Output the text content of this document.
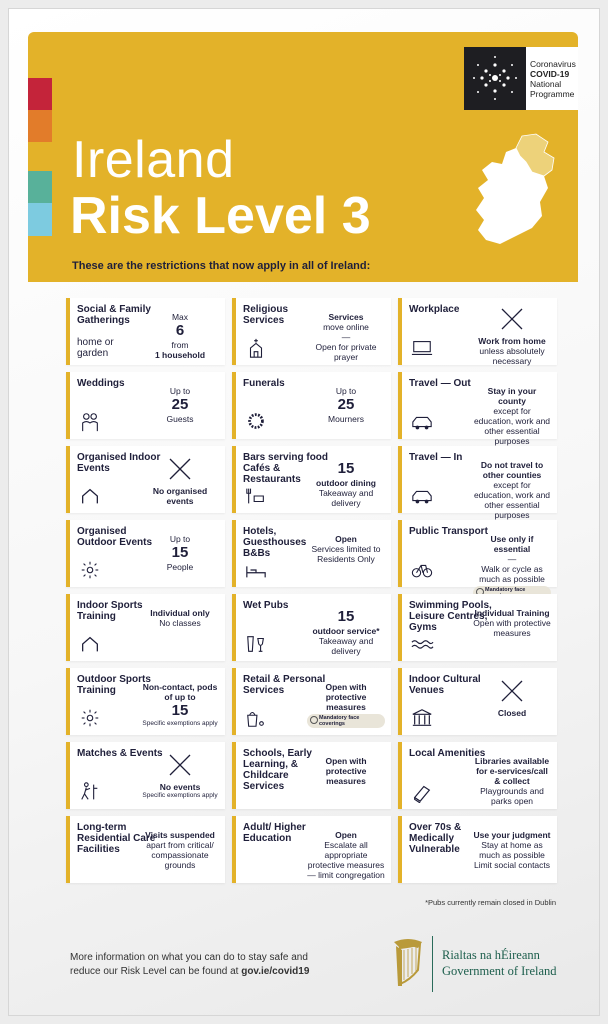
Coronavirus
COVID-19
National
Programme
Ireland
Risk Level 3
These are the restrictions that now apply in all of Ireland:
Social & Family Gatherings
home or garden
Max
6
from
1 household
Religious Services	Services
move online
—
Open for private prayer
Workplace
Work from home
unless absolutely necessary
Weddings
Up to
25
Guests
Funerals
Up to
25
Mourners
Travel — Out
Stay in your county
except for education, work and other essential purposes
Organised Indoor Events
No organised events
Bars serving food Cafés & Restaurants
15
outdoor dining
Takeaway and delivery
Travel — In
Do not travel to other counties
except for education, work and other essential purposes
Organised Outdoor Events	Up to
15
People
Hotels, Guesthouses B&Bs
Open
Services limited to Residents Only
Public Transport
Use only if essential
—
Walk or cycle as much as possible
Mandatory face
Indoor Sports Training	Individual only
No classes
Wet Pubs
15
outdoor service*
Takeaway and delivery
Swimming Pools, Leisure Centres, Gyms
Individual Training
Open with protective measures
Outdoor Sports Training	Non-contact, pods of up to
15
Specific exemptions apply
Retail & Personal Services	Open with protective measures
Mandatory face coverings
Indoor Cultural Venues
Closed
Matches & Events
No events
Specific exemptions apply
Schools, Early Learning, & Childcare Services
Open with protective measures
Local Amenities
Libraries available for e-services/call & collect
Playgrounds and parks open
Long-term Residential Care Facilities
Visits suspended
apart from critical/ compassionate grounds
Adult/ Higher Education	Open
Escalate all appropriate protective measures — limit congregation
Over 70s & Medically Vulnerable
Use your judgment
Stay at home as much as possible
Limit social contacts
*Pubs currently remain closed in Dublin
More information on what you can do to stay safe and reduce our Risk Level can be found at gov.ie/covid19
Rialtas na hÉireann
Government of Ireland
